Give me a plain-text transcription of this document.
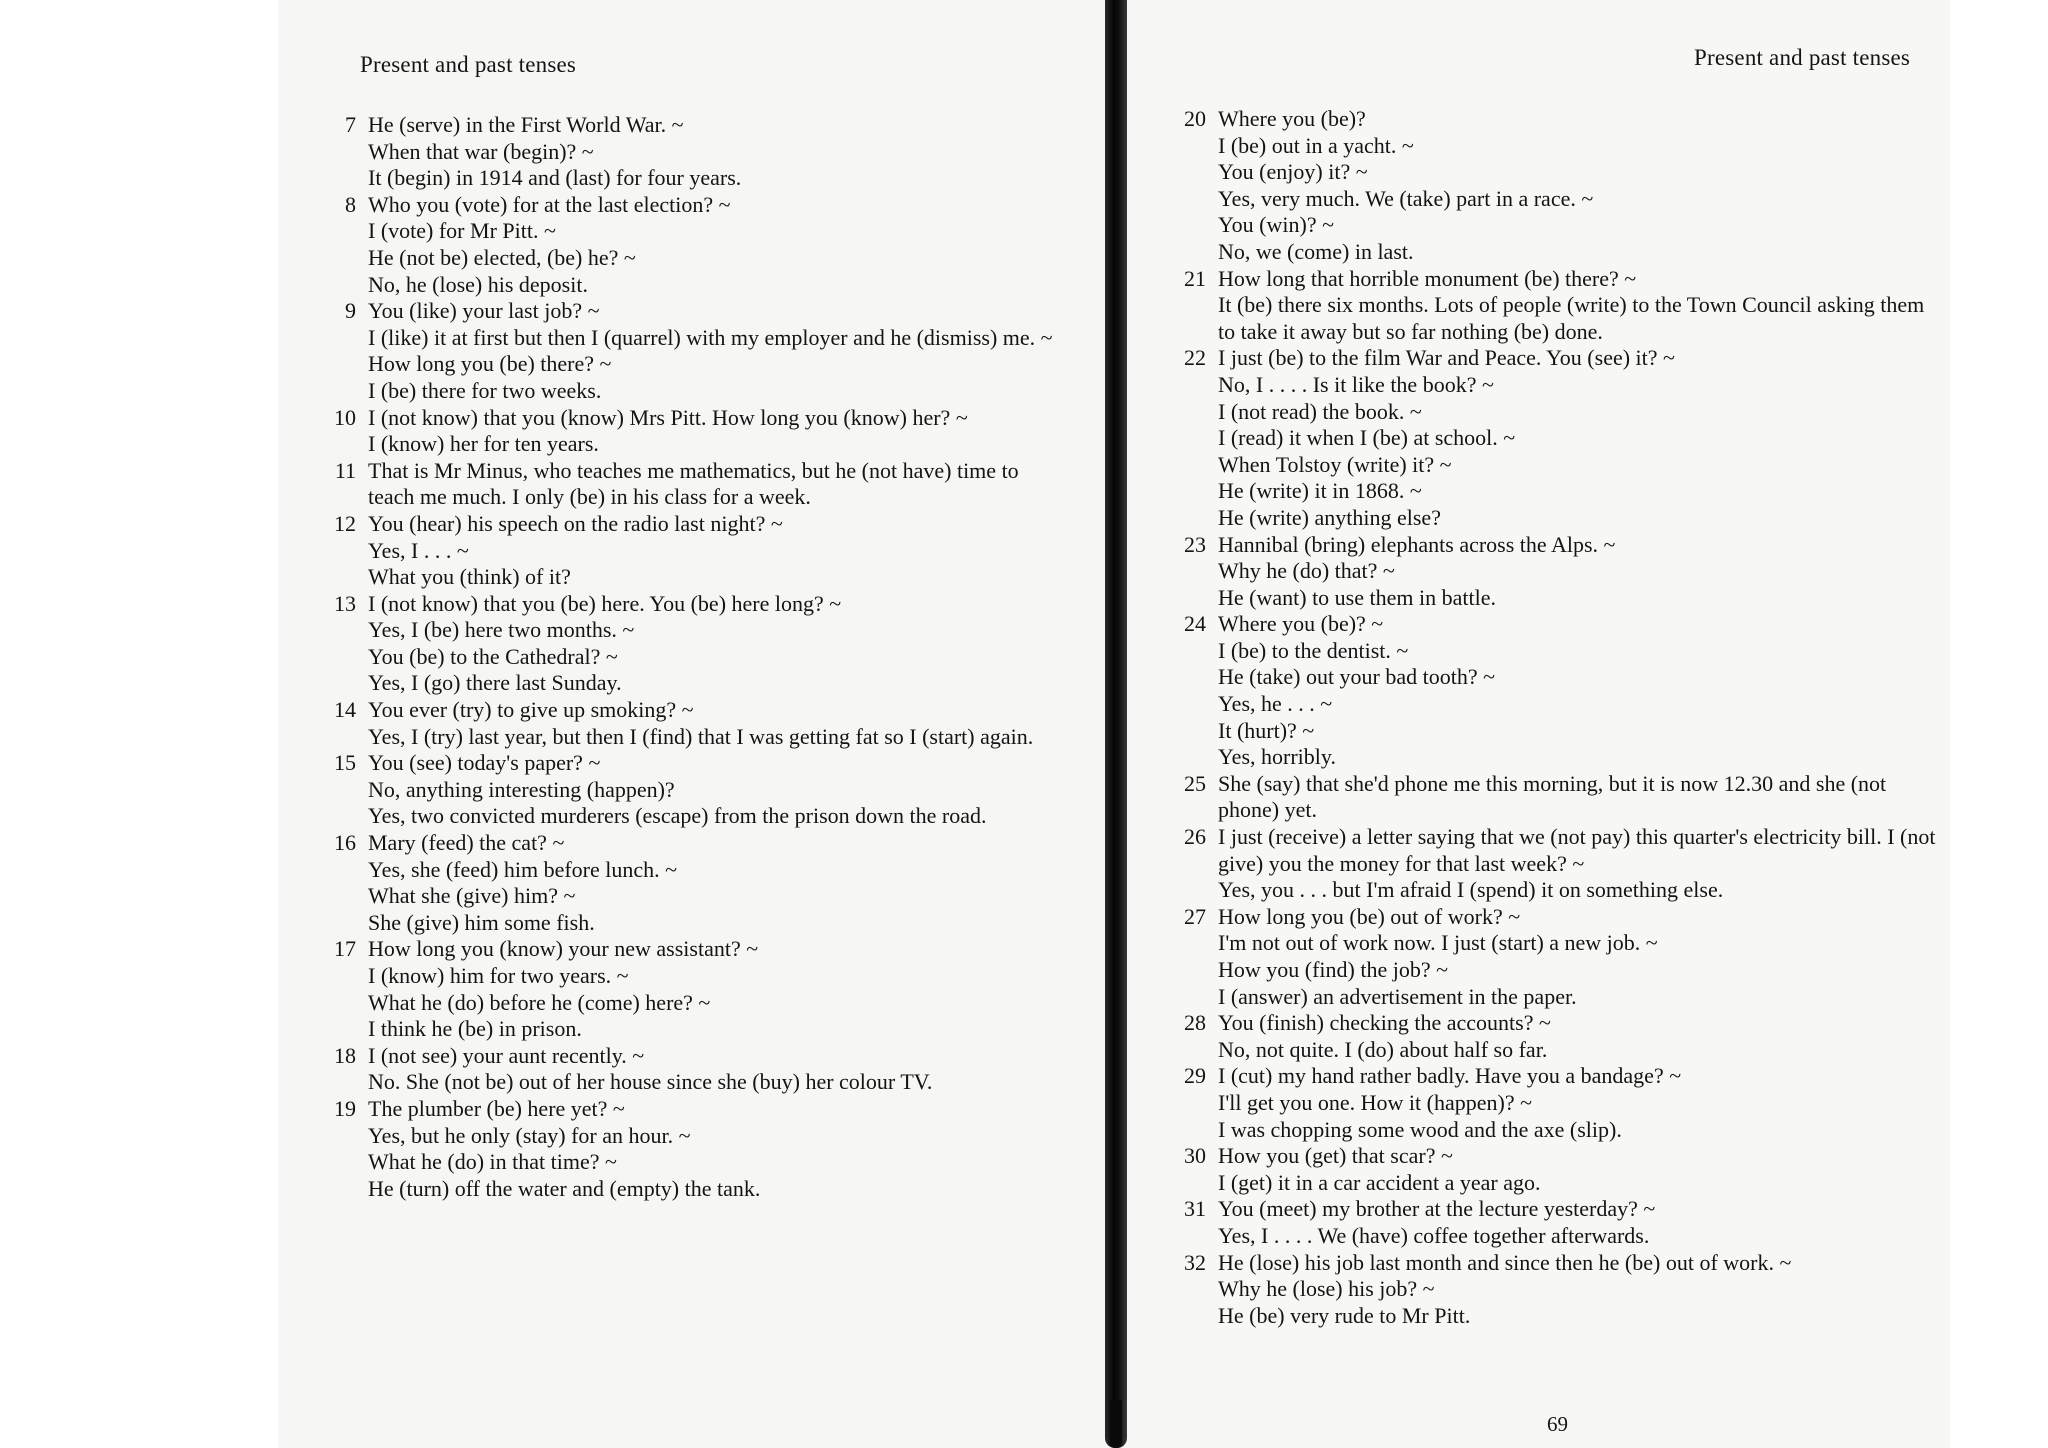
Present and past tenses	Present and past tenses
7 He (serve) in the First World War. ~
When that war (begin)? ~
It (begin) in 1914 and (last) for four years.
8 Who you (vote) for at the last election? ~
I (vote) for Mr Pitt. ~
He (not be) elected, (be) he? ~
No, he (lose) his deposit.
9 You (like) your last job? ~
I (like) it at first but then I (quarrel) with my employer and he (dismiss) me. ~
How long you (be) there? ~
I (be) there for two weeks.
10 I (not know) that you (know) Mrs Pitt. How long you (know) her? ~
I (know) her for ten years.
11 That is Mr Minus, who teaches me mathematics, but he (not have) time to teach me much. I only (be) in his class for a week.
12 You (hear) his speech on the radio last night? ~
Yes, I . . . ~
What you (think) of it?
13 I (not know) that you (be) here. You (be) here long? ~
Yes, I (be) here two months. ~
You (be) to the Cathedral? ~
Yes, I (go) there last Sunday.
14 You ever (try) to give up smoking? ~
Yes, I (try) last year, but then I (find) that I was getting fat so I (start) again.
15 You (see) today's paper? ~
No, anything interesting (happen)?
Yes, two convicted murderers (escape) from the prison down the road.
16 Mary (feed) the cat? ~
Yes, she (feed) him before lunch. ~
What she (give) him? ~
She (give) him some fish.
17 How long you (know) your new assistant? ~
I (know) him for two years. ~
What he (do) before he (come) here? ~
I think he (be) in prison.
18 I (not see) your aunt recently. ~
No. She (not be) out of her house since she (buy) her colour TV.
19 The plumber (be) here yet? ~
Yes, but he only (stay) for an hour. ~
What he (do) in that time? ~
He (turn) off the water and (empty) the tank.
20 Where you (be)?
I (be) out in a yacht. ~
You (enjoy) it? ~
Yes, very much. We (take) part in a race. ~
You (win)? ~
No, we (come) in last.
21 How long that horrible monument (be) there? ~
It (be) there six months. Lots of people (write) to the Town Council asking them to take it away but so far nothing (be) done.
22 I just (be) to the film War and Peace. You (see) it? ~
No, I . . . . Is it like the book? ~
I (not read) the book. ~
I (read) it when I (be) at school. ~
When Tolstoy (write) it? ~
He (write) it in 1868. ~
He (write) anything else?
23 Hannibal (bring) elephants across the Alps. ~
Why he (do) that? ~
He (want) to use them in battle.
24 Where you (be)? ~
I (be) to the dentist. ~
He (take) out your bad tooth? ~
Yes, he . . . ~
It (hurt)? ~
Yes, horribly.
25 She (say) that she'd phone me this morning, but it is now 12.30 and she (not phone) yet.
26 I just (receive) a letter saying that we (not pay) this quarter's electricity bill. I (not give) you the money for that last week? ~
Yes, you . . . but I'm afraid I (spend) it on something else.
27 How long you (be) out of work? ~
I'm not out of work now. I just (start) a new job. ~
How you (find) the job? ~
I (answer) an advertisement in the paper.
28 You (finish) checking the accounts? ~
No, not quite. I (do) about half so far.
29 I (cut) my hand rather badly. Have you a bandage? ~
I'll get you one. How it (happen)? ~
I was chopping some wood and the axe (slip).
30 How you (get) that scar? ~
I (get) it in a car accident a year ago.
31 You (meet) my brother at the lecture yesterday? ~
Yes, I . . . . We (have) coffee together afterwards.
32 He (lose) his job last month and since then he (be) out of work. ~
Why he (lose) his job? ~
He (be) very rude to Mr Pitt.
69
